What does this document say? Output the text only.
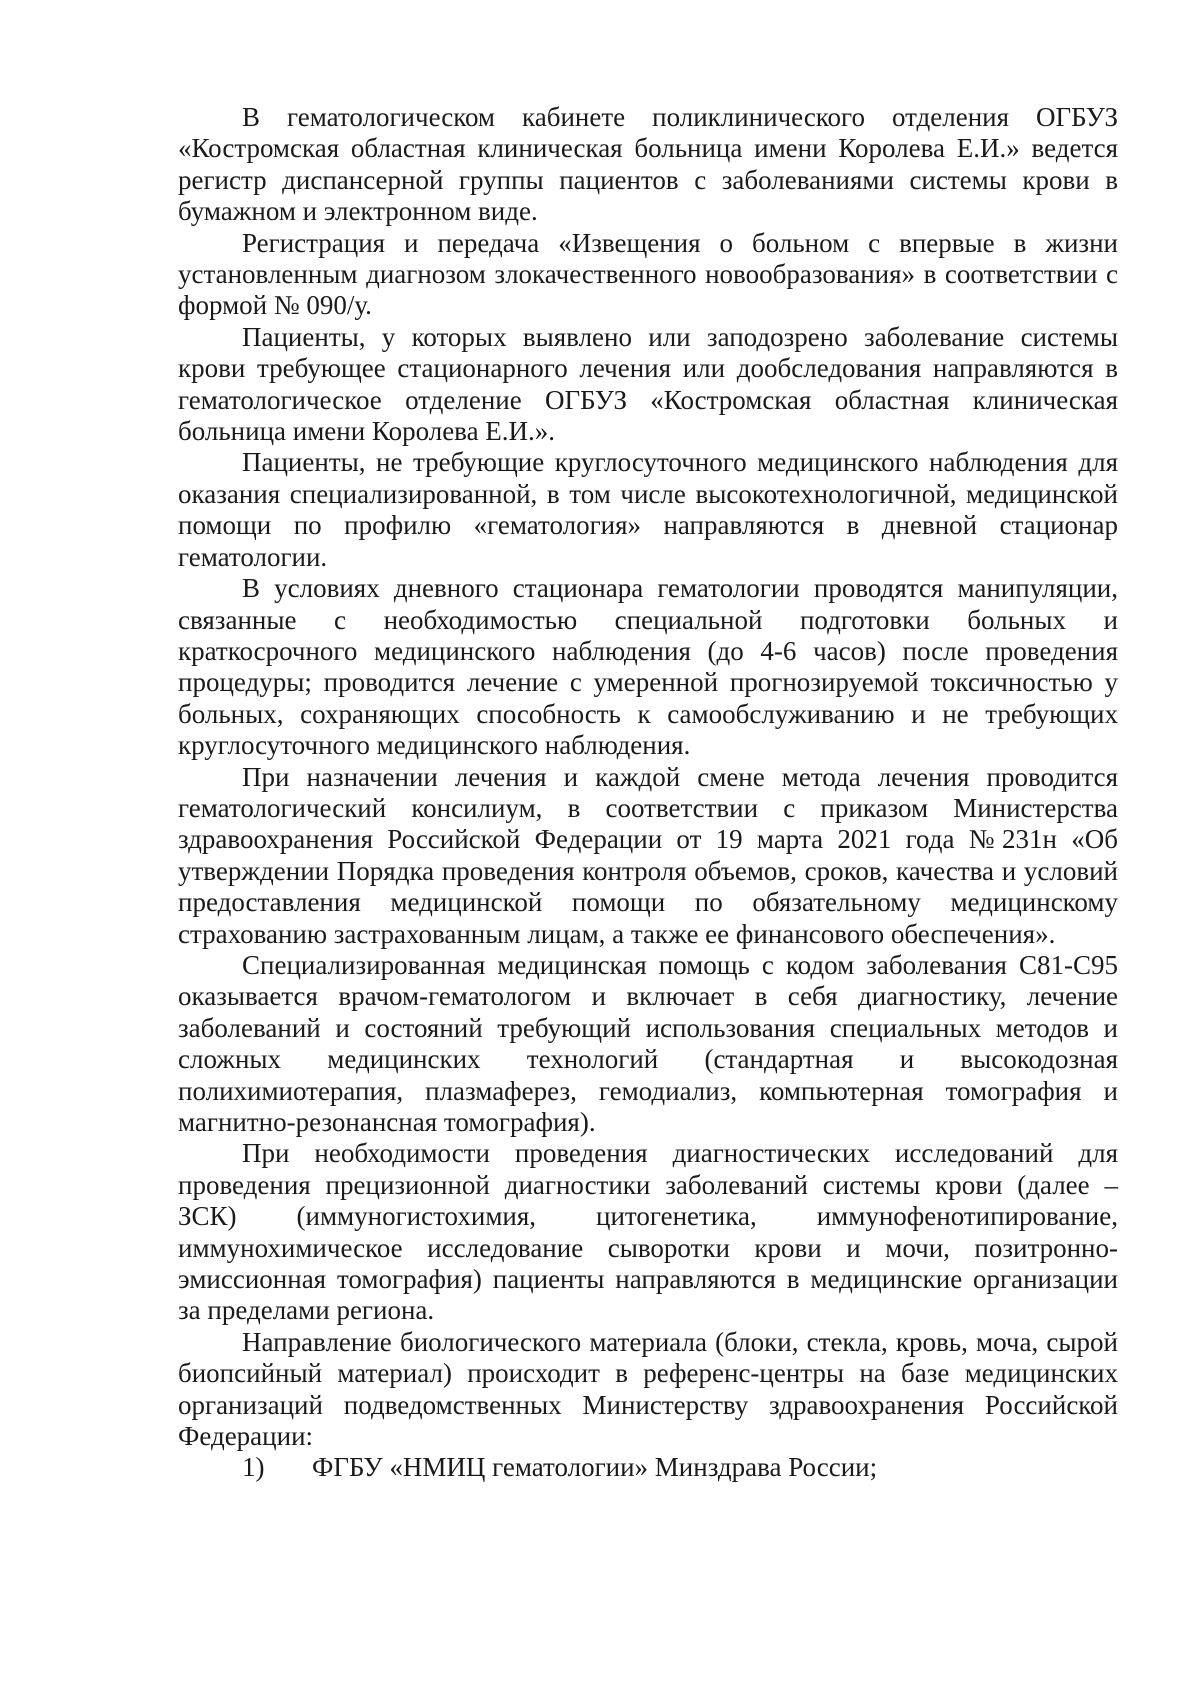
В гематологическом кабинете поликлинического отделения ОГБУЗ «Костромская областная клиническая больница имени Королева Е.И.» ведется регистр диспансерной группы пациентов с заболеваниями системы крови в бумажном и электронном виде.

Регистрация и передача «Извещения о больном с впервые в жизни установленным диагнозом злокачественного новообразования» в соответствии с формой № 090/у.

Пациенты, у которых выявлено или заподозрено заболевание системы крови требующее стационарного лечения или дообследования направляются в гематологическое отделение ОГБУЗ «Костромская областная клиническая больница имени Королева Е.И.».

Пациенты, не требующие круглосуточного медицинского наблюдения для оказания специализированной, в том числе высокотехнологичной, медицинской помощи по профилю «гематология» направляются в дневной стационар гематологии.

В условиях дневного стационара гематологии проводятся манипуляции, связанные с необходимостью специальной подготовки больных и краткосрочного медицинского наблюдения (до 4-6 часов) после проведения процедуры; проводится лечение с умеренной прогнозируемой токсичностью у больных, сохраняющих способность к самообслуживанию и не требующих круглосуточного медицинского наблюдения.

При назначении лечения и каждой смене метода лечения проводится гематологический консилиум, в соответствии с приказом Министерства здравоохранения Российской Федерации от 19 марта 2021 года №231н «Об утверждении Порядка проведения контроля объемов, сроков, качества и условий предоставления медицинской помощи по обязательному медицинскому страхованию застрахованным лицам, а также ее финансового обеспечения».

Специализированная медицинская помощь с кодом заболевания С81-С95 оказывается врачом-гематологом и включает в себя диагностику, лечение заболеваний и состояний требующий использования специальных методов и сложных медицинских технологий (стандартная и высокодозная полихимиотерапия, плазмаферез, гемодиализ, компьютерная томография и магнитно-резонансная томография).

При необходимости проведения диагностических исследований для проведения прецизионной диагностики заболеваний системы крови (далее – ЗСК) (иммуногистохимия, цитогенетика, иммунофенотипирование, иммунохимическое исследование сыворотки крови и мочи, позитронно-эмиссионная томография) пациенты направляются в медицинские организации за пределами региона.

Направление биологического материала (блоки, стекла, кровь, моча, сырой биопсийный материал) происходит в референс-центры на базе медицинских организаций подведомственных Министерству здравоохранения Российской Федерации:

1) ФГБУ «НМИЦ гематологии» Минздрава России;
